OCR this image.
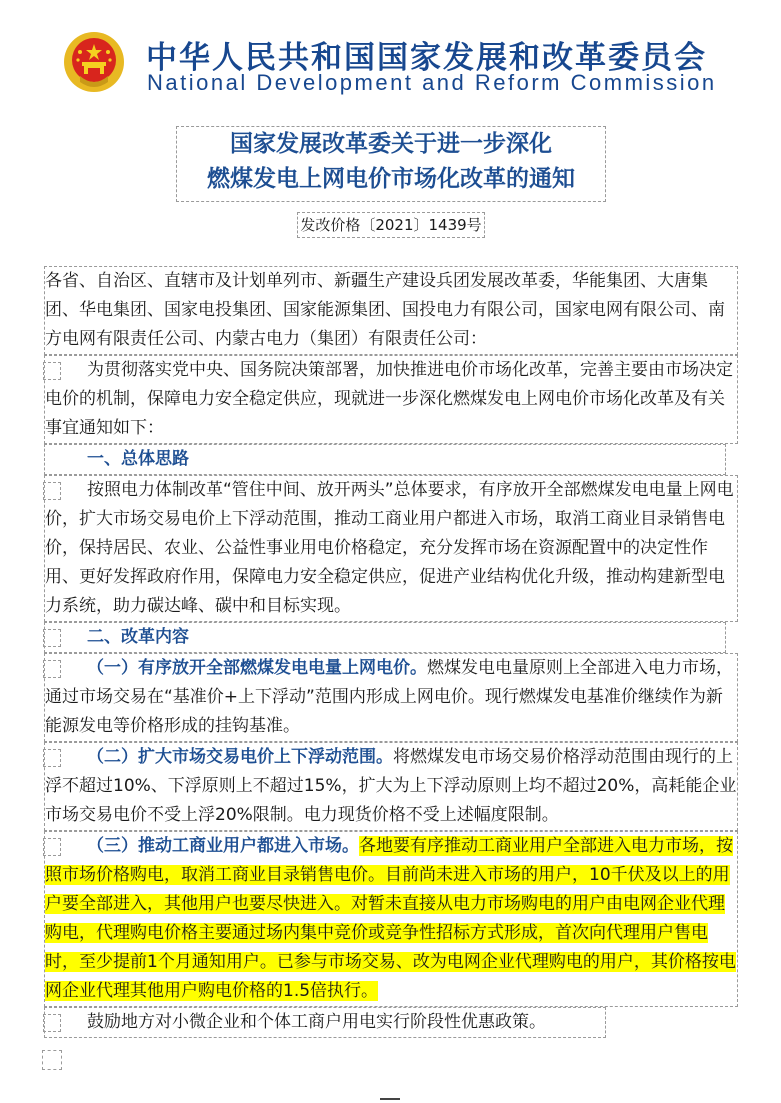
中华人民共和国国家发展和改革委员会
National Development and Reform Commission
国家发展改革委关于进一步深化
燃煤发电上网电价市场化改革的通知
发改价格〔2021〕1439号

各省、自治区、直辖市及计划单列市、新疆生产建设兵团发展改革委，华能集团、大唐集团、华电集团、国家电投集团、国家能源集团、国投电力有限公司，国家电网有限公司、南方电网有限责任公司、内蒙古电力（集团）有限责任公司：

为贯彻落实党中央、国务院决策部署，加快推进电价市场化改革，完善主要由市场决定电价的机制，保障电力安全稳定供应，现就进一步深化燃煤发电上网电价市场化改革及有关事宜通知如下：

一、总体思路

按照电力体制改革“管住中间、放开两头”总体要求，有序放开全部燃煤发电电量上网电价，扩大市场交易电价上下浮动范围，推动工商业用户都进入市场，取消工商业目录销售电价，保持居民、农业、公益性事业用电价格稳定，充分发挥市场在资源配置中的决定性作用、更好发挥政府作用，保障电力安全稳定供应，促进产业结构优化升级，推动构建新型电力系统，助力碳达峰、碳中和目标实现。

二、改革内容

（一）有序放开全部燃煤发电电量上网电价。燃煤发电电量原则上全部进入电力市场，通过市场交易在“基准价+上下浮动”范围内形成上网电价。现行燃煤发电基准价继续作为新能源发电等价格形成的挂钩基准。

（二）扩大市场交易电价上下浮动范围。将燃煤发电市场交易价格浮动范围由现行的上浮不超过10%、下浮原则上不超过15%，扩大为上下浮动原则上均不超过20%，高耗能企业市场交易电价不受上浮20%限制。电力现货价格不受上述幅度限制。

（三）推动工商业用户都进入市场。各地要有序推动工商业用户全部进入电力市场，按照市场价格购电，取消工商业目录销售电价。目前尚未进入市场的用户，10千伏及以上的用户要全部进入，其他用户也要尽快进入。对暂未直接从电力市场购电的用户由电网企业代理购电，代理购电价格主要通过场内集中竞价或竞争性招标方式形成，首次向代理用户售电时，至少提前1个月通知用户。已参与市场交易、改为电网企业代理购电的用户，其价格按电网企业代理其他用户购电价格的1.5倍执行。

鼓励地方对小微企业和个体工商户用电实行阶段性优惠政策。
